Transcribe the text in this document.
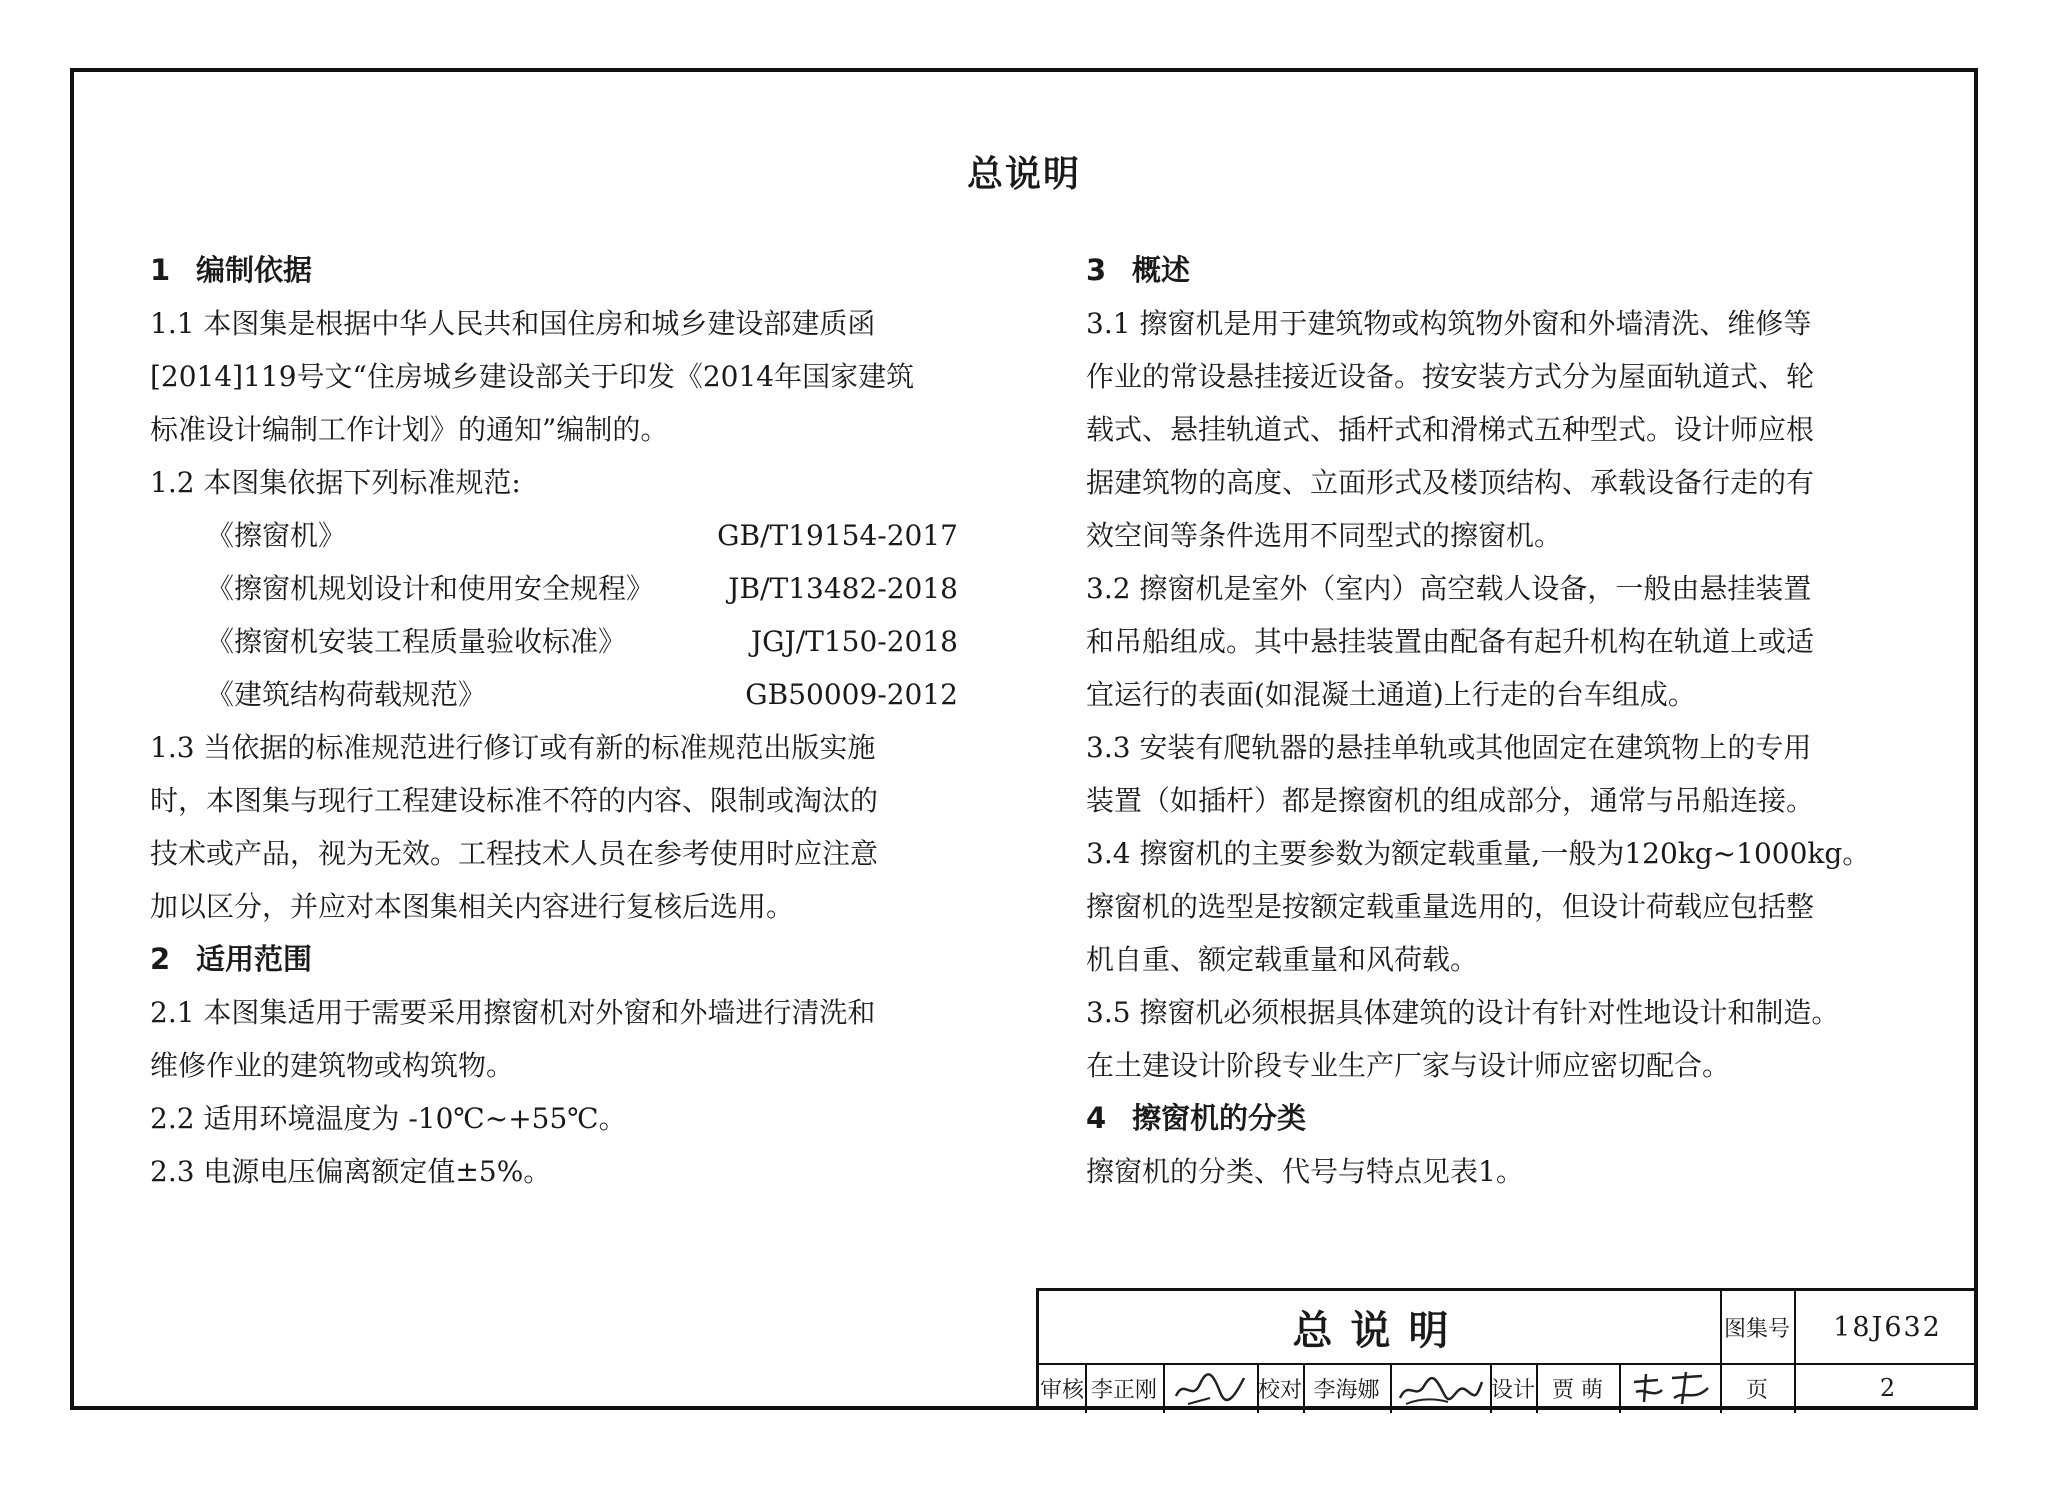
总说明
1 编制依据
1.1 本图集是根据中华人民共和国住房和城乡建设部建质函
[2014]119号文“住房城乡建设部关于印发《2014年国家建筑
标准设计编制工作计划》的通知”编制的。
1.2 本图集依据下列标准规范:
《擦窗机》	GB/T19154-2017
《擦窗机规划设计和使用安全规程》	JB/T13482-2018
《擦窗机安装工程质量验收标准》	JGJ/T150-2018
《建筑结构荷载规范》	GB50009-2012
1.3 当依据的标准规范进行修订或有新的标准规范出版实施
时，本图集与现行工程建设标准不符的内容、限制或淘汰的
技术或产品，视为无效。工程技术人员在参考使用时应注意
加以区分，并应对本图集相关内容进行复核后选用。
2 适用范围
2.1 本图集适用于需要采用擦窗机对外窗和外墙进行清洗和
维修作业的建筑物或构筑物。
2.2 适用环境温度为 -10℃~+55℃。
2.3 电源电压偏离额定值±5%。
3 概述
3.1 擦窗机是用于建筑物或构筑物外窗和外墙清洗、维修等
作业的常设悬挂接近设备。按安装方式分为屋面轨道式、轮
载式、悬挂轨道式、插杆式和滑梯式五种型式。设计师应根
据建筑物的高度、立面形式及楼顶结构、承载设备行走的有
效空间等条件选用不同型式的擦窗机。
3.2 擦窗机是室外（室内）高空载人设备，一般由悬挂装置
和吊船组成。其中悬挂装置由配备有起升机构在轨道上或适
宜运行的表面(如混凝土通道)上行走的台车组成。
3.3 安装有爬轨器的悬挂单轨或其他固定在建筑物上的专用
装置（如插杆）都是擦窗机的组成部分，通常与吊船连接。
3.4 擦窗机的主要参数为额定载重量,一般为120kg~1000kg。
擦窗机的选型是按额定载重量选用的，但设计荷载应包括整
机自重、额定载重量和风荷载。
3.5 擦窗机必须根据具体建筑的设计有针对性地设计和制造。
在土建设计阶段专业生产厂家与设计师应密切配合。
4 擦窗机的分类
擦窗机的分类、代号与特点见表1。
总说明	图集号	18J632
审核 李正刚	校对 李海娜	设计 贾 萌	页	2
